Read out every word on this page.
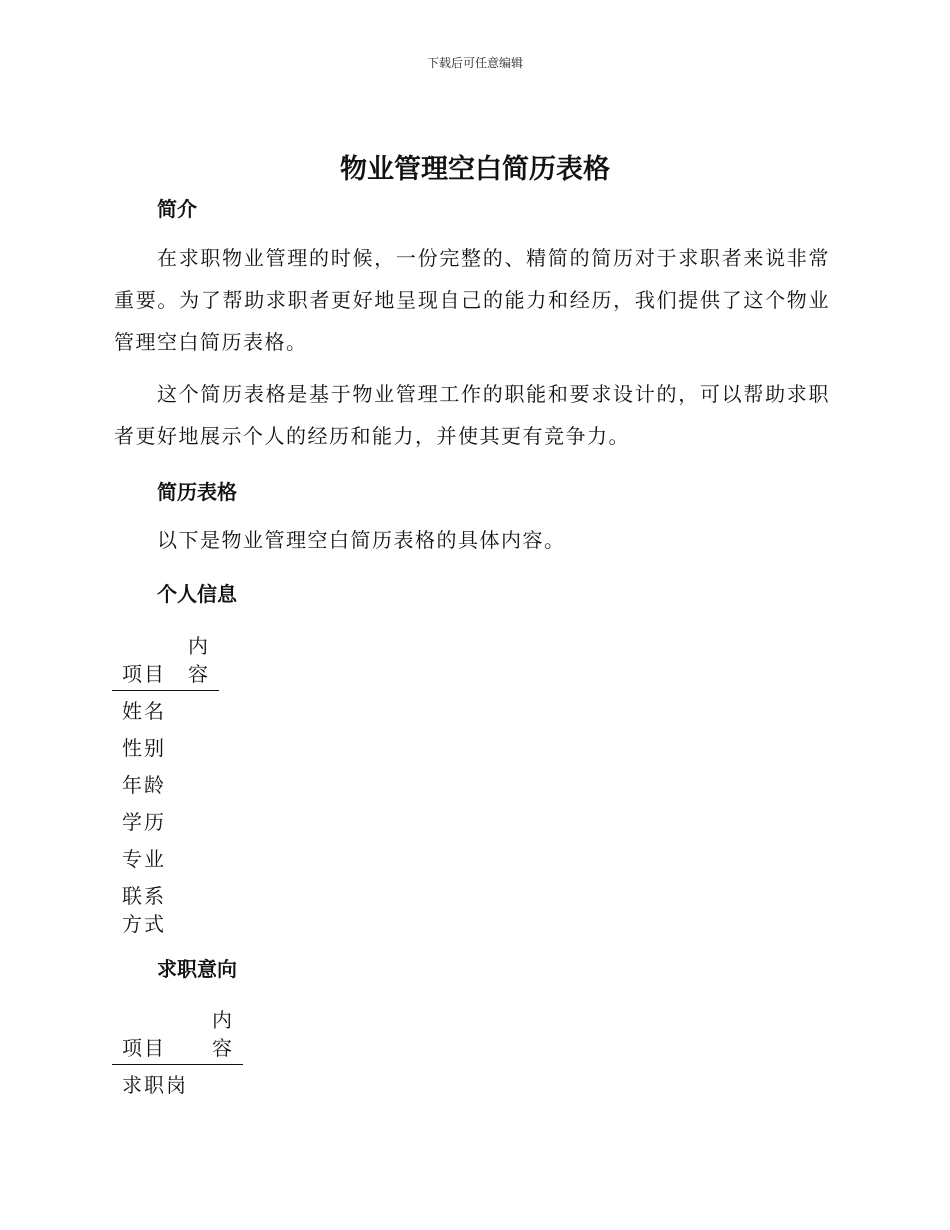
下载后可任意编辑
物业管理空白简历表格
简介
在求职物业管理的时候，一份完整的、精简的简历对于求职者来说非常重要。为了帮助求职者更好地呈现自己的能力和经历，我们提供了这个物业管理空白简历表格。
这个简历表格是基于物业管理工作的职能和要求设计的，可以帮助求职者更好地展示个人的经历和能力，并使其更有竞争力。
简历表格
以下是物业管理空白简历表格的具体内容。
个人信息
项目
内
容
姓名
性别
年龄
学历
专业
联系
方式
求职意向
项目
内
容
求职岗
